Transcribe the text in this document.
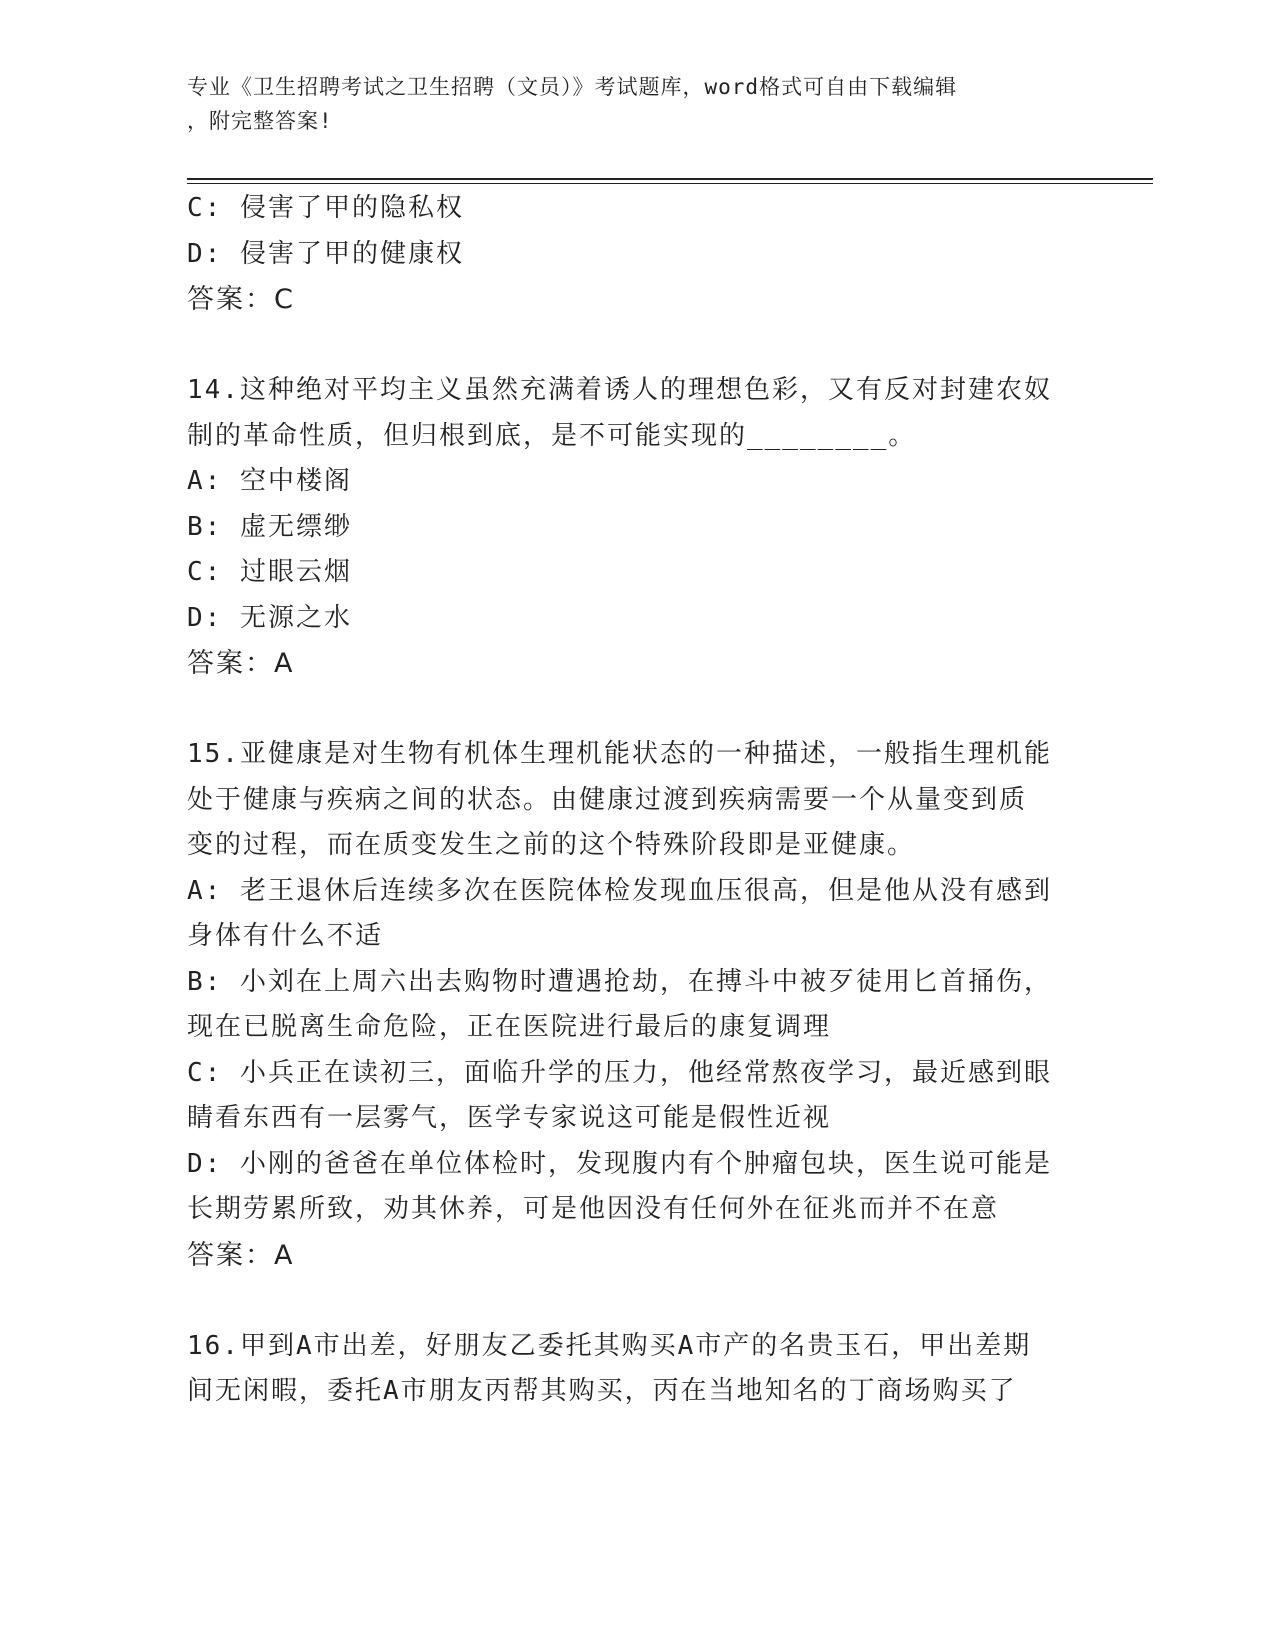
专业《卫生招聘考试之卫生招聘（文员）》考试题库，word格式可自由下载编辑
，附完整答案!

C: 侵害了甲的隐私权

D: 侵害了甲的健康权

答案：C

14.这种绝对平均主义虽然充满着诱人的理想色彩，又有反对封建农奴

制的革命性质，但归根到底，是不可能实现的________。

A: 空中楼阁

B: 虚无缥缈

C: 过眼云烟

D: 无源之水

答案：A

15.亚健康是对生物有机体生理机能状态的一种描述，一般指生理机能

处于健康与疾病之间的状态。由健康过渡到疾病需要一个从量变到质

变的过程，而在质变发生之前的这个特殊阶段即是亚健康。

A: 老王退休后连续多次在医院体检发现血压很高，但是他从没有感到

身体有什么不适

B: 小刘在上周六出去购物时遭遇抢劫，在搏斗中被歹徒用匕首捅伤，

现在已脱离生命危险，正在医院进行最后的康复调理

C: 小兵正在读初三，面临升学的压力，他经常熬夜学习，最近感到眼

睛看东西有一层雾气，医学专家说这可能是假性近视

D: 小刚的爸爸在单位体检时，发现腹内有个肿瘤包块，医生说可能是

长期劳累所致，劝其休养，可是他因没有任何外在征兆而并不在意

答案：A

16.甲到A市出差，好朋友乙委托其购买A市产的名贵玉石，甲出差期

间无闲暇，委托A市朋友丙帮其购买，丙在当地知名的丁商场购买了
